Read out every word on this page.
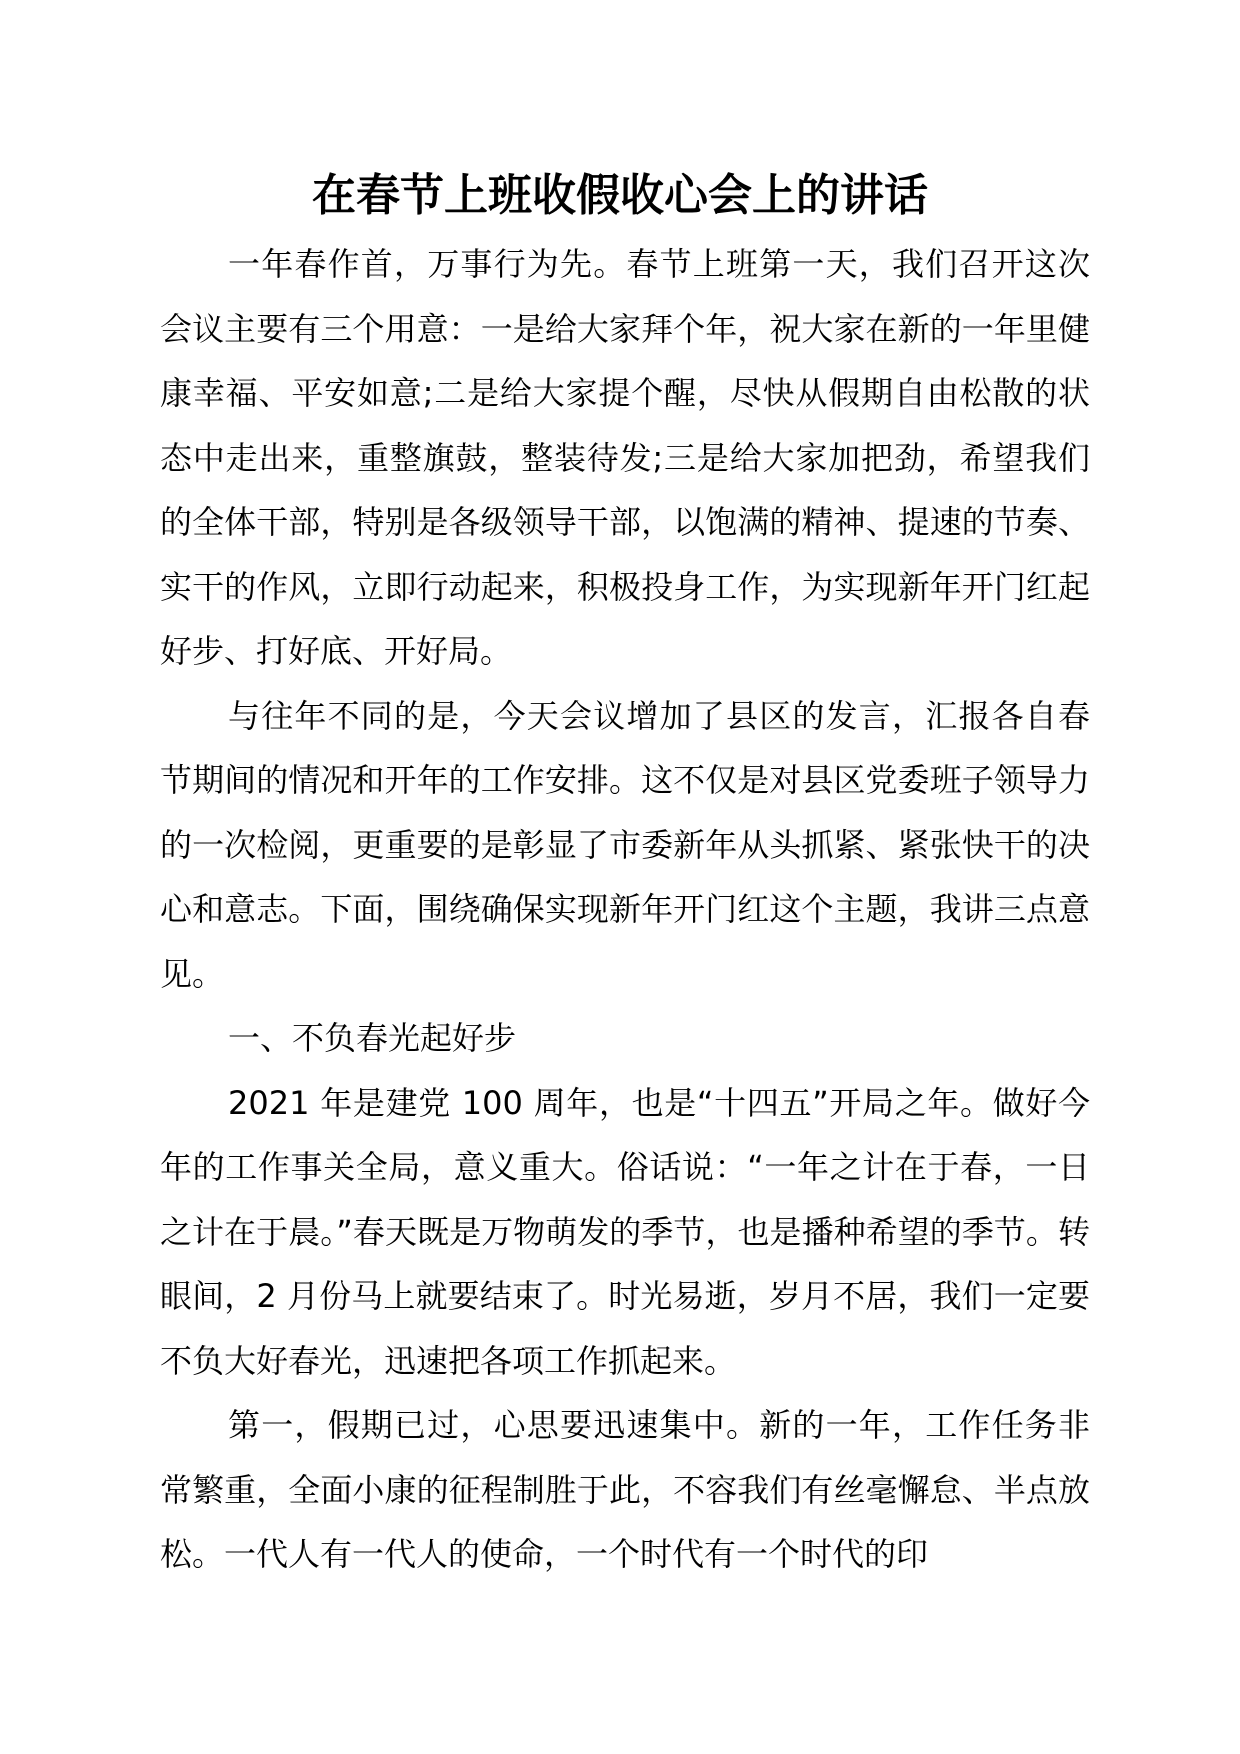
在春节上班收假收心会上的讲话

一年春作首，万事行为先。春节上班第一天，我们召开这次会议主要有三个用意：一是给大家拜个年，祝大家在新的一年里健康幸福、平安如意;二是给大家提个醒，尽快从假期自由松散的状态中走出来，重整旗鼓，整装待发;三是给大家加把劲，希望我们的全体干部，特别是各级领导干部，以饱满的精神、提速的节奏、实干的作风，立即行动起来，积极投身工作，为实现新年开门红起好步、打好底、开好局。

与往年不同的是，今天会议增加了县区的发言，汇报各自春节期间的情况和开年的工作安排。这不仅是对县区党委班子领导力的一次检阅，更重要的是彰显了市委新年从头抓紧、紧张快干的决心和意志。下面，围绕确保实现新年开门红这个主题，我讲三点意见。

一、不负春光起好步

2021 年是建党 100 周年，也是“十四五”开局之年。做好今年的工作事关全局，意义重大。俗话说：“一年之计在于春，一日之计在于晨。”春天既是万物萌发的季节，也是播种希望的季节。转眼间，2 月份马上就要结束了。时光易逝，岁月不居，我们一定要不负大好春光，迅速把各项工作抓起来。

第一，假期已过，心思要迅速集中。新的一年，工作任务非常繁重，全面小康的征程制胜于此，不容我们有丝毫懈怠、半点放松。一代人有一代人的使命，一个时代有一个时代的印
